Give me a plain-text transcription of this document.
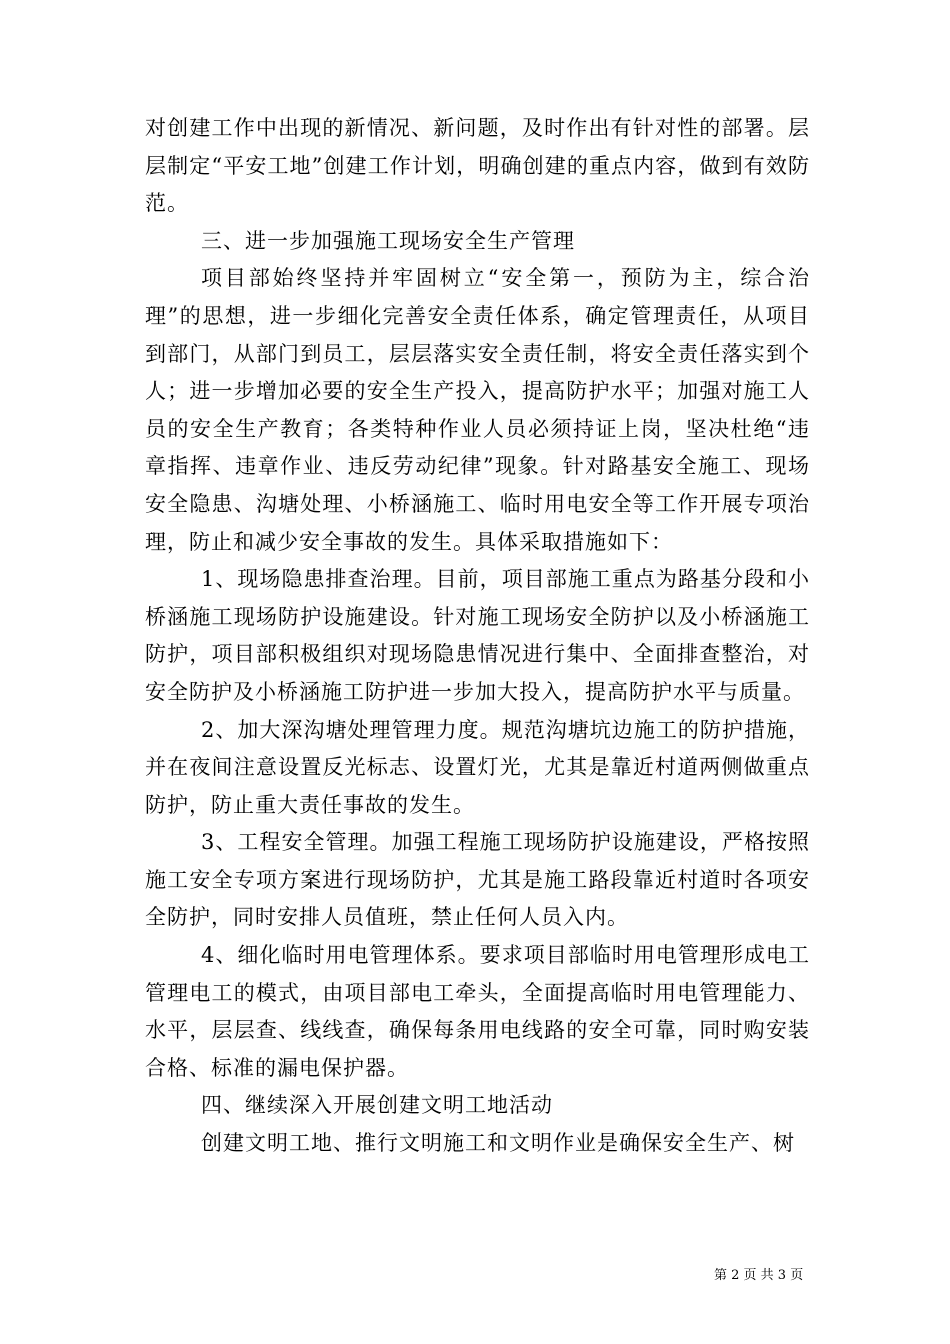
对创建工作中出现的新情况、新问题，及时作出有针对性的部署。层层制定“平安工地”创建工作计划，明确创建的重点内容，做到有效防范。

三、进一步加强施工现场安全生产管理

项目部始终坚持并牢固树立“安全第一，预防为主，综合治理”的思想，进一步细化完善安全责任体系，确定管理责任，从项目到部门，从部门到员工，层层落实安全责任制，将安全责任落实到个人；进一步增加必要的安全生产投入，提高防护水平；加强对施工人员的安全生产教育；各类特种作业人员必须持证上岗，坚决杜绝“违章指挥、违章作业、违反劳动纪律”现象。针对路基安全施工、现场安全隐患、沟塘处理、小桥涵施工、临时用电安全等工作开展专项治理，防止和减少安全事故的发生。具体采取措施如下：

1、现场隐患排查治理。目前，项目部施工重点为路基分段和小桥涵施工现场防护设施建设。针对施工现场安全防护以及小桥涵施工防护，项目部积极组织对现场隐患情况进行集中、全面排查整治，对安全防护及小桥涵施工防护进一步加大投入，提高防护水平与质量。

2、加大深沟塘处理管理力度。规范沟塘坑边施工的防护措施，并在夜间注意设置反光标志、设置灯光，尤其是靠近村道两侧做重点防护，防止重大责任事故的发生。

3、工程安全管理。加强工程施工现场防护设施建设，严格按照施工安全专项方案进行现场防护，尤其是施工路段靠近村道时各项安全防护，同时安排人员值班，禁止任何人员入内。

4、细化临时用电管理体系。要求项目部临时用电管理形成电工管理电工的模式，由项目部电工牵头，全面提高临时用电管理能力、水平，层层查、线线查，确保每条用电线路的安全可靠，同时购安装合格、标准的漏电保护器。

四、继续深入开展创建文明工地活动

创建文明工地、推行文明施工和文明作业是确保安全生产、树

第 2 页 共 3 页
